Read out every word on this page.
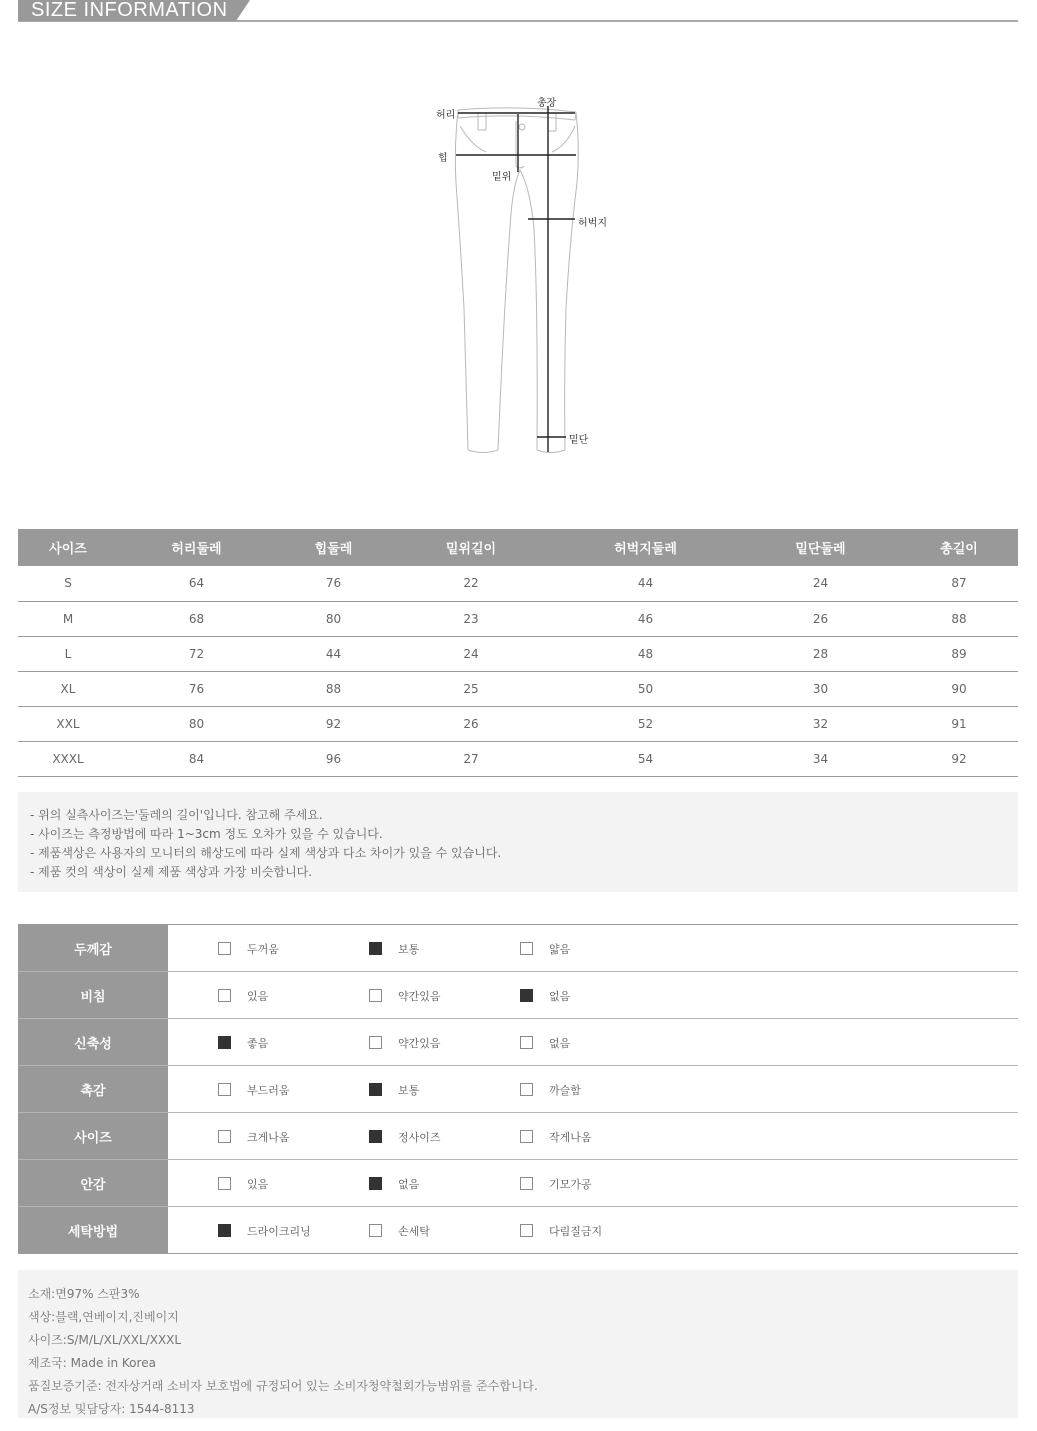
SIZE INFORMATION
허리
총장
힙
밑위
허벅지
밑단
사이즈	허리둘레	힙둘레	밑위길이	허벅지둘레	밑단둘레	총길이
S	64	76	22	44	24	87
M	68	80	23	46	26	88
L	72	44	24	48	28	89
XL	76	88	25	50	30	90
XXL	80	92	26	52	32	91
XXXL	84	96	27	54	34	92

- 위의 실측사이즈는'둘레의 길이'입니다. 참고해 주세요.

- 사이즈는 측정방법에 따라 1~3cm 정도 오차가 있을 수 있습니다.

- 제품색상은 사용자의 모니터의 해상도에 따라 실제 색상과 다소 차이가 있을 수 있습니다.

- 제품 컷의 색상이 실제 제품 색상과 가장 비슷합니다.

두께감	두꺼움	보통	얇음
비침	있음	약간있음	없음
신축성	좋음	약간있음	없음
촉감	부드러움	보통	까슬함
사이즈	크게나옴	정사이즈	작게나옴
안감	있음	없음	기모가공
세탁방법	드라이크리닝	손세탁	다림질금지

소재:면97% 스판3%

색상:블랙,연베이지,진베이지

사이즈:S/M/L/XL/XXL/XXXL

제조국: Made in Korea

품질보증기준: 전자상거래 소비자 보호법에 규정되어 있는 소비자청약철회가능범위를 준수합니다.

A/S정보 및담당자: 1544-8113
